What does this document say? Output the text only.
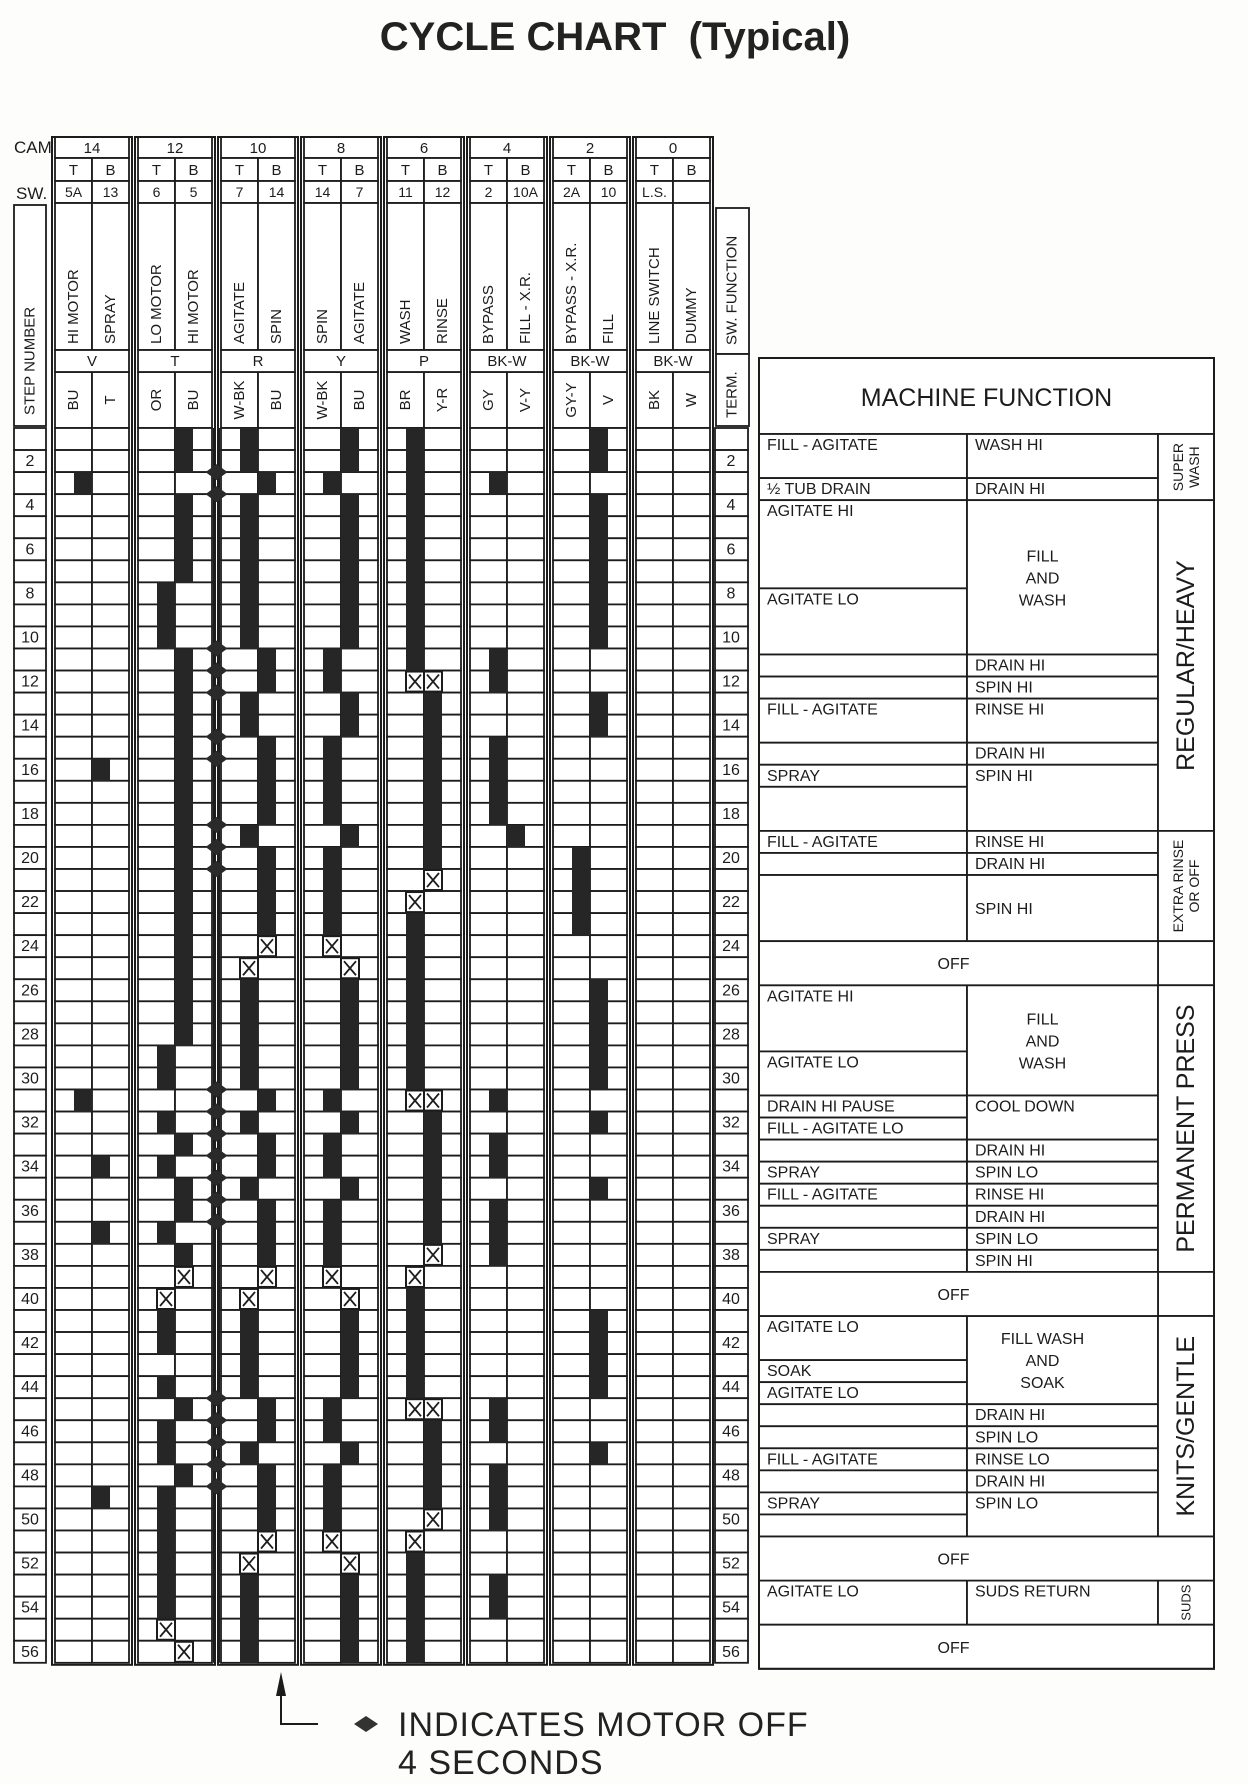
CYCLE CHART  (Typical)
CAM
SW.
STEP NUMBER
2
4
6
8
10
12
14
16
18
20
22
24
26
28
30
32
34
36
38
40
42
44
46
48
50
52
54
56
14
T
5A
HI MOTOR
BU
B
13
SPRAY
T
V
12
T
6
LO MOTOR
OR
B
5
HI MOTOR
BU
T
10
T
7
AGITATE
W-BK
B
14
SPIN
BU
R
8
T
14
SPIN
W-BK
B
7
AGITATE
BU
Y
6
T
11
WASH
BR
B
12
RINSE
Y-R
P
4
T
2
BYPASS
GY
B
10A
FILL - X.R.
V-Y
BK-W
2
T
2A
BYPASS - X.R.
GY-Y
B
10
FILL
V
BK-W
0
T
L.S.
LINE SWITCH
BK
B
DUMMY
W
BK-W
SW. FUNCTION
TERM.
2
4
6
8
10
12
14
16
18
20
22
24
26
28
30
32
34
36
38
40
42
44
46
48
50
52
54
56
MACHINE FUNCTION
FILL - AGITATE
½ TUB DRAIN
AGITATE HI
AGITATE LO
FILL - AGITATE
SPRAY
FILL - AGITATE
AGITATE HI
AGITATE LO
DRAIN HI PAUSE
FILL - AGITATE LO
SPRAY
FILL - AGITATE
SPRAY
AGITATE LO
SOAK
AGITATE LO
FILL - AGITATE
SPRAY
AGITATE LO
WASH HI
DRAIN HI
FILL
AND
WASH
DRAIN HI
SPIN HI
RINSE HI
DRAIN HI
SPIN HI
RINSE HI
DRAIN HI
SPIN HI
FILL
AND
WASH
COOL DOWN
DRAIN HI
SPIN LO
RINSE HI
DRAIN HI
SPIN LO
SPIN HI
FILL WASH
AND
SOAK
DRAIN HI
SPIN LO
RINSE LO
DRAIN HI
SPIN LO
SUDS RETURN
SUPER WASH
REGULAR/HEAVY
EXTRA RINSE OR OFF
PERMANENT PRESS
KNITS/GENTLE
SUDS
OFF
OFF
OFF
OFF
INDICATES MOTOR OFF
4 SECONDS
